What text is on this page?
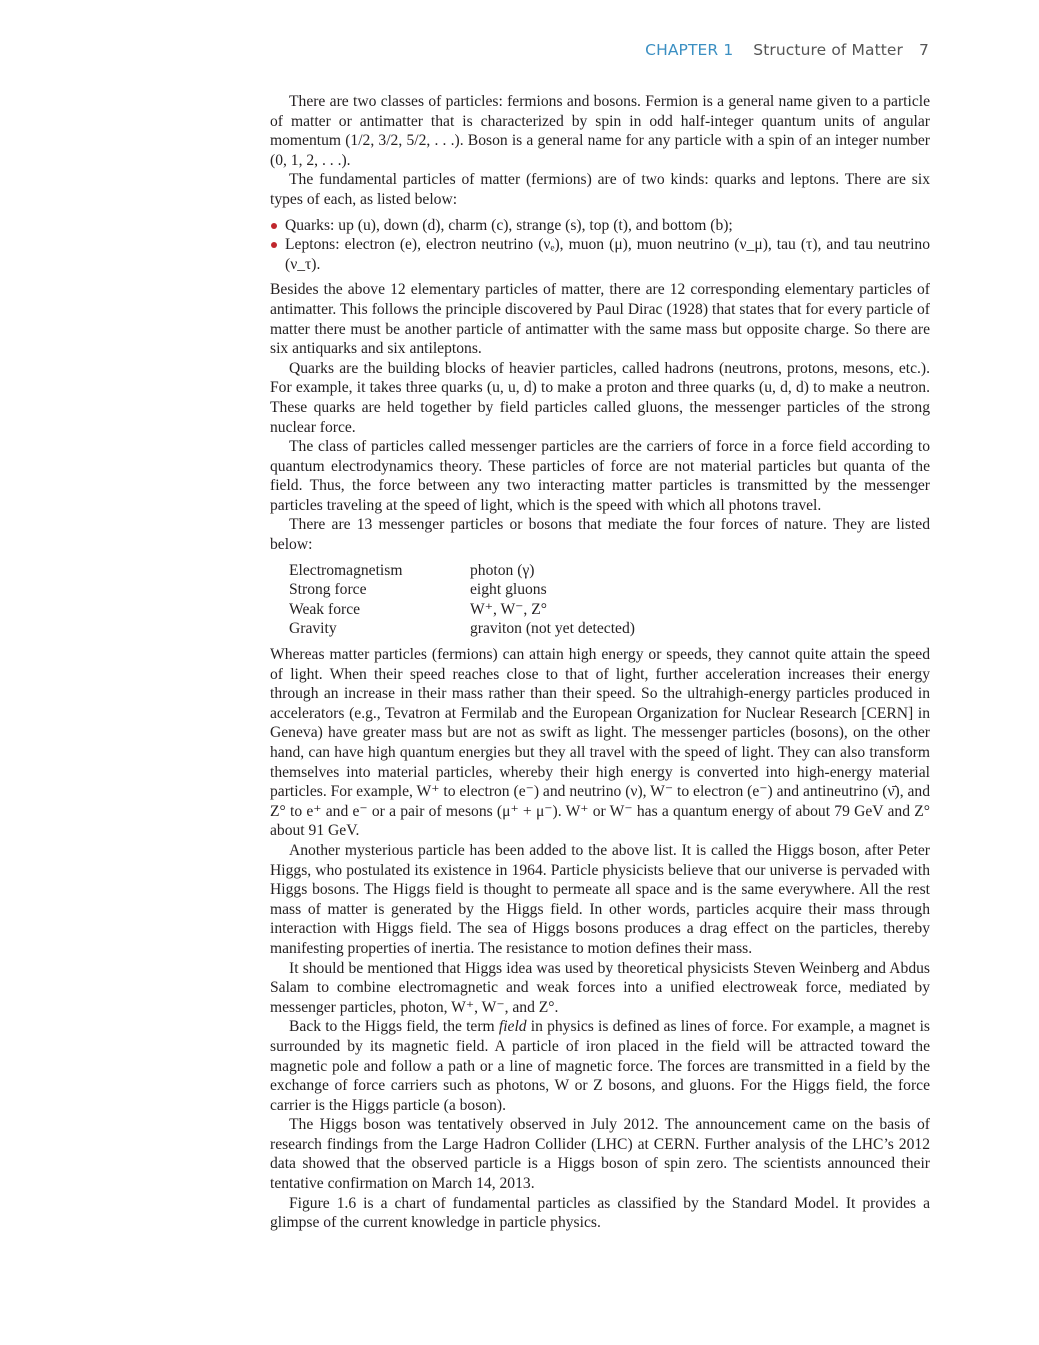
CHAPTER 1 Structure of Matter 7

There are two classes of particles: fermions and bosons. Fermion is a general name given to a particle of matter or antimatter that is characterized by spin in odd half-integer quantum units of angular momentum (1/2, 3/2, 5/2, . . .). Boson is a general name for any particle with a spin of an integer number (0, 1, 2, . . .).

The fundamental particles of matter (fermions) are of two kinds: quarks and leptons. There are six types of each, as listed below:

Quarks: up (u), down (d), charm (c), strange (s), top (t), and bottom (b);
Leptons: electron (e), electron neutrino (νₑ), muon (μ), muon neutrino (ν_μ), tau (τ), and tau neutrino (ν_τ).

Besides the above 12 elementary particles of matter, there are 12 corresponding elementary particles of antimatter. This follows the principle discovered by Paul Dirac (1928) that states that for every particle of matter there must be another particle of antimatter with the same mass but opposite charge. So there are six antiquarks and six antileptons.

Quarks are the building blocks of heavier particles, called hadrons (neutrons, protons, mesons, etc.). For example, it takes three quarks (u, u, d) to make a proton and three quarks (u, d, d) to make a neutron. These quarks are held together by field particles called gluons, the messenger particles of the strong nuclear force.

The class of particles called messenger particles are the carriers of force in a force field according to quantum electrodynamics theory. These particles of force are not material particles but quanta of the field. Thus, the force between any two interacting matter particles is transmitted by the messenger particles traveling at the speed of light, which is the speed with which all photons travel.

There are 13 messenger particles or bosons that mediate the four forces of nature. They are listed below:

Electromagnetism	photon (γ)
Strong force	eight gluons
Weak force	W⁺, W⁻, Z°
Gravity	graviton (not yet detected)

Whereas matter particles (fermions) can attain high energy or speeds, they cannot quite attain the speed of light. When their speed reaches close to that of light, further acceleration increases their energy through an increase in their mass rather than their speed. So the ultrahigh-energy particles produced in accelerators (e.g., Tevatron at Fermilab and the European Organization for Nuclear Research [CERN] in Geneva) have greater mass but are not as swift as light. The messenger particles (bosons), on the other hand, can have high quantum energies but they all travel with the speed of light. They can also transform themselves into material particles, whereby their high energy is converted into high-energy material particles. For example, W⁺ to electron (e⁻) and neutrino (ν), W⁻ to electron (e⁻) and antineutrino (ν̄), and Z° to e⁺ and e⁻ or a pair of mesons (μ⁺ + μ⁻). W⁺ or W⁻ has a quantum energy of about 79 GeV and Z° about 91 GeV.

Another mysterious particle has been added to the above list. It is called the Higgs boson, after Peter Higgs, who postulated its existence in 1964. Particle physicists believe that our universe is pervaded with Higgs bosons. The Higgs field is thought to permeate all space and is the same everywhere. All the rest mass of matter is generated by the Higgs field. In other words, particles acquire their mass through interaction with Higgs field. The sea of Higgs bosons produces a drag effect on the particles, thereby manifesting properties of inertia. The resistance to motion defines their mass.

It should be mentioned that Higgs idea was used by theoretical physicists Steven Weinberg and Abdus Salam to combine electromagnetic and weak forces into a unified electroweak force, mediated by messenger particles, photon, W⁺, W⁻, and Z°.

Back to the Higgs field, the term field in physics is defined as lines of force. For example, a magnet is surrounded by its magnetic field. A particle of iron placed in the field will be attracted toward the magnetic pole and follow a path or a line of magnetic force. The forces are transmitted in a field by the exchange of force carriers such as photons, W or Z bosons, and gluons. For the Higgs field, the force carrier is the Higgs particle (a boson).

The Higgs boson was tentatively observed in July 2012. The announcement came on the basis of research findings from the Large Hadron Collider (LHC) at CERN. Further analysis of the LHC’s 2012 data showed that the observed particle is a Higgs boson of spin zero. The scientists announced their tentative confirmation on March 14, 2013.

Figure 1.6 is a chart of fundamental particles as classified by the Standard Model. It provides a glimpse of the current knowledge in particle physics.
